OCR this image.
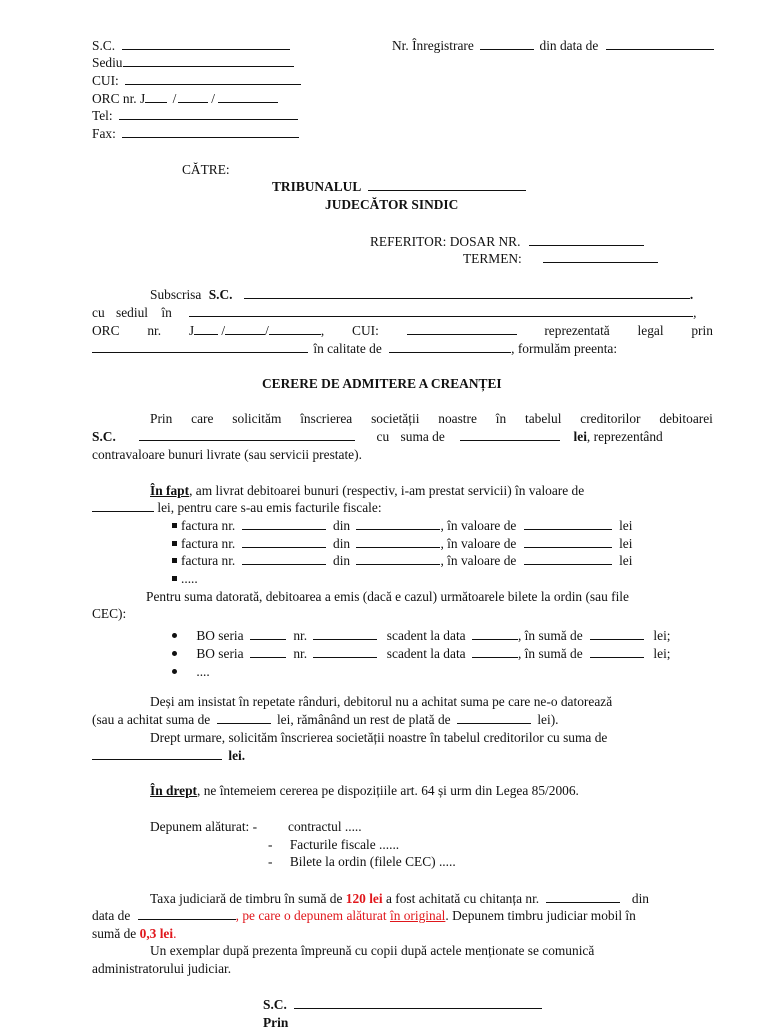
S.C.	Nr. Înregistrare	din data de
Sediu
CUI:
ORC nr. J /	/
Tel:
Fax:
CĂTRE:
TRIBUNALUL
JUDECĂTOR SINDIC
REFERITOR: DOSAR NR.
TERMEN:
Subscrisa S.C.	.
cu sediul în	,
ORC nr. J /	/	, CUI:	reprezentată legal prin
în calitate de	, formulăm preenta:
CERERE DE ADMITERE A CREANȚEI
Prin care solicităm înscrierea societății noastre în tabelul creditorilor debitoarei
S.C.	cu suma de	lei, reprezentând
contravaloare bunuri livrate (sau servicii prestate).
În fapt, am livrat debitoarei bunuri (respectiv, i-am prestat servicii) în valoare de
lei, pentru care s-au emis facturile fiscale:
factura nr.	din	, în valoare de	lei
factura nr.	din	, în valoare de	lei
factura nr.	din	, în valoare de	lei
.....
Pentru suma datorată, debitoarea a emis (dacă e cazul) următoarele bilete la ordin (sau file
CEC):
BO seria	nr.	scadent la data	, în sumă de	lei;
BO seria	nr.	scadent la data	, în sumă de	lei;
....
Deși am insistat în repetate rânduri, debitorul nu a achitat suma pe care ne-o datorează
(sau a achitat suma de	lei, rămânând un rest de plată de	lei).
Drept urmare, solicităm înscrierea societății noastre în tabelul creditorilor cu suma de
lei.
În drept, ne întemeiem cererea pe dispozițiile art. 64 și urm din Legea 85/2006.
Depunem alăturat: - contractul .....
- Facturile fiscale ......
- Bilete la ordin (filele CEC) .....
Taxa judiciară de timbru în sumă de 120 lei a fost achitată cu chitanța nr.	din
data de	, pe care o depunem alăturat în original. Depunem timbru judiciar mobil în
sumă de 0,3 lei.
Un exemplar după prezenta împreună cu copii după actele menționate se comunică
administratorului judiciar.
S.C.
Prin
